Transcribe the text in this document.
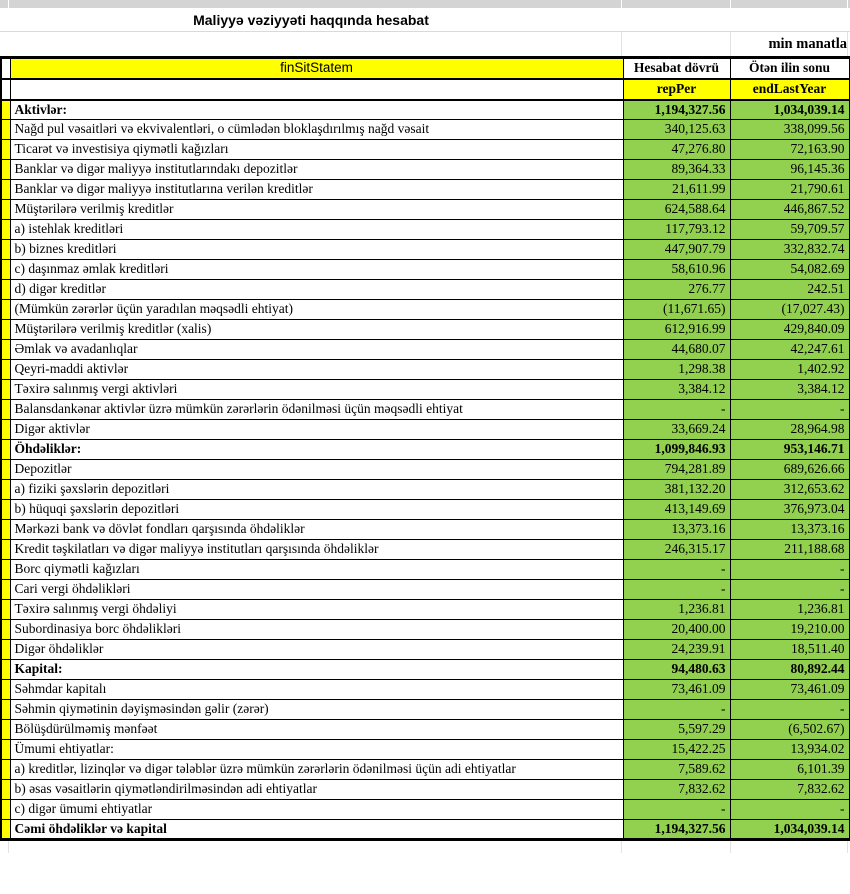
Maliyyə vəziyyəti haqqında hesabat
min manatla
	finSitStatem	Hesabat dövrü	Ötən ilin sonu
		repPer	endLastYear
	Aktivlər:	1,194,327.56	1,034,039.14
	Nağd pul vəsaitləri və ekvivalentləri, o cümlədən bloklaşdırılmış nağd vəsait	340,125.63	338,099.56
	Ticarət və investisiya qiymətli kağızları	47,276.80	72,163.90
	Banklar və digər maliyyə institutlarındakı depozitlər	89,364.33	96,145.36
	Banklar və digər maliyyə institutlarına verilən kreditlər	21,611.99	21,790.61
	Müştərilərə verilmiş kreditlər	624,588.64	446,867.52
	a) istehlak kreditləri	117,793.12	59,709.57
	b) biznes kreditləri	447,907.79	332,832.74
	c) daşınmaz əmlak kreditləri	58,610.96	54,082.69
	d) digər kreditlər	276.77	242.51
	(Mümkün zərərlər üçün yaradılan məqsədli ehtiyat)	(11,671.65)	(17,027.43)
	Müştərilərə verilmiş kreditlər (xalis)	612,916.99	429,840.09
	Əmlak və avadanlıqlar	44,680.07	42,247.61
	Qeyri-maddi aktivlər	1,298.38	1,402.92
	Təxirə salınmış vergi aktivləri	3,384.12	3,384.12
	Balansdankənar aktivlər üzrə mümkün zərərlərin ödənilməsi üçün məqsədli ehtiyat	-	-
	Digər aktivlər	33,669.24	28,964.98
	Öhdəliklər:	1,099,846.93	953,146.71
	Depozitlər	794,281.89	689,626.66
	a) fiziki şəxslərin depozitləri	381,132.20	312,653.62
	b) hüquqi şəxslərin depozitləri	413,149.69	376,973.04
	Mərkəzi bank və dövlət fondları qarşısında öhdəliklər	13,373.16	13,373.16
	Kredit təşkilatları və digər maliyyə institutları qarşısında öhdəliklər	246,315.17	211,188.68
	Borc qiymətli kağızları	-	-
	Cari vergi öhdəlikləri	-	-
	Təxirə salınmış vergi öhdəliyi	1,236.81	1,236.81
	Subordinasiya borc öhdəlikləri	20,400.00	19,210.00
	Digər öhdəliklər	24,239.91	18,511.40
	Kapital:	94,480.63	80,892.44
	Səhmdar kapitalı	73,461.09	73,461.09
	Səhmin qiymətinin dəyişməsindən gəlir (zərər)	-	-
	Bölüşdürülməmiş mənfəət	5,597.29	(6,502.67)
	Ümumi ehtiyatlar:	15,422.25	13,934.02
	a) kreditlər, lizinqlər və digər tələblər üzrə mümkün zərərlərin ödənilməsi üçün adi ehtiyatlar	7,589.62	6,101.39
	b) əsas vəsaitlərin qiymətləndirilməsindən adi ehtiyatlar	7,832.62	7,832.62
	c) digər ümumi ehtiyatlar	-	-
	Cəmi öhdəliklər və kapital	1,194,327.56	1,034,039.14
